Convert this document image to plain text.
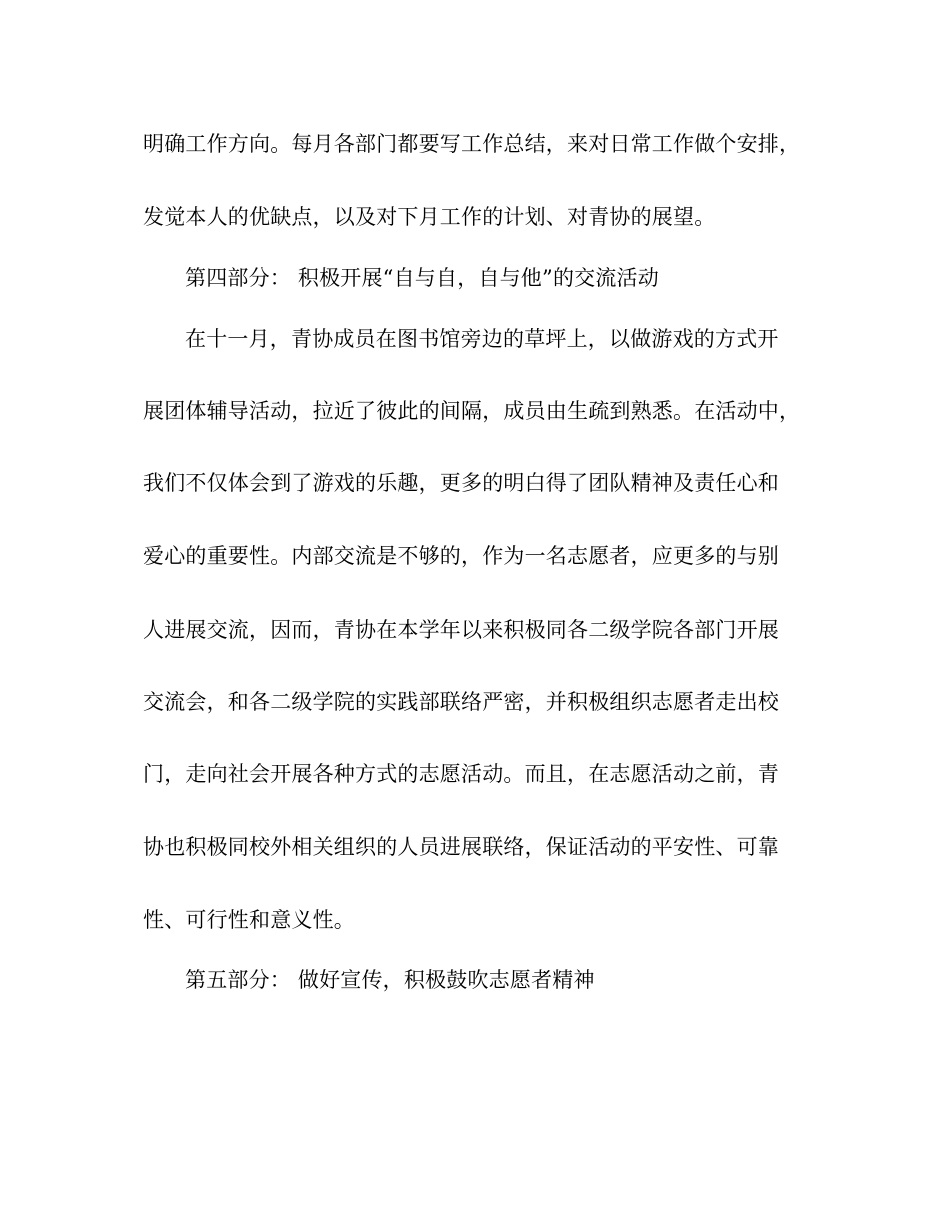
明确工作方向。每月各部门都要写工作总结，来对日常工作做个安排，
发觉本人的优缺点，以及对下月工作的计划、对青协的展望。
第四部分： 积极开展“自与自，自与他”的交流活动
在十一月，青协成员在图书馆旁边的草坪上，以做游戏的方式开
展团体辅导活动，拉近了彼此的间隔，成员由生疏到熟悉。在活动中，
我们不仅体会到了游戏的乐趣，更多的明白得了团队精神及责任心和
爱心的重要性。内部交流是不够的，作为一名志愿者，应更多的与别
人进展交流，因而，青协在本学年以来积极同各二级学院各部门开展
交流会，和各二级学院的实践部联络严密，并积极组织志愿者走出校
门，走向社会开展各种方式的志愿活动。而且，在志愿活动之前，青
协也积极同校外相关组织的人员进展联络，保证活动的平安性、可靠
性、可行性和意义性。
第五部分： 做好宣传，积极鼓吹志愿者精神
